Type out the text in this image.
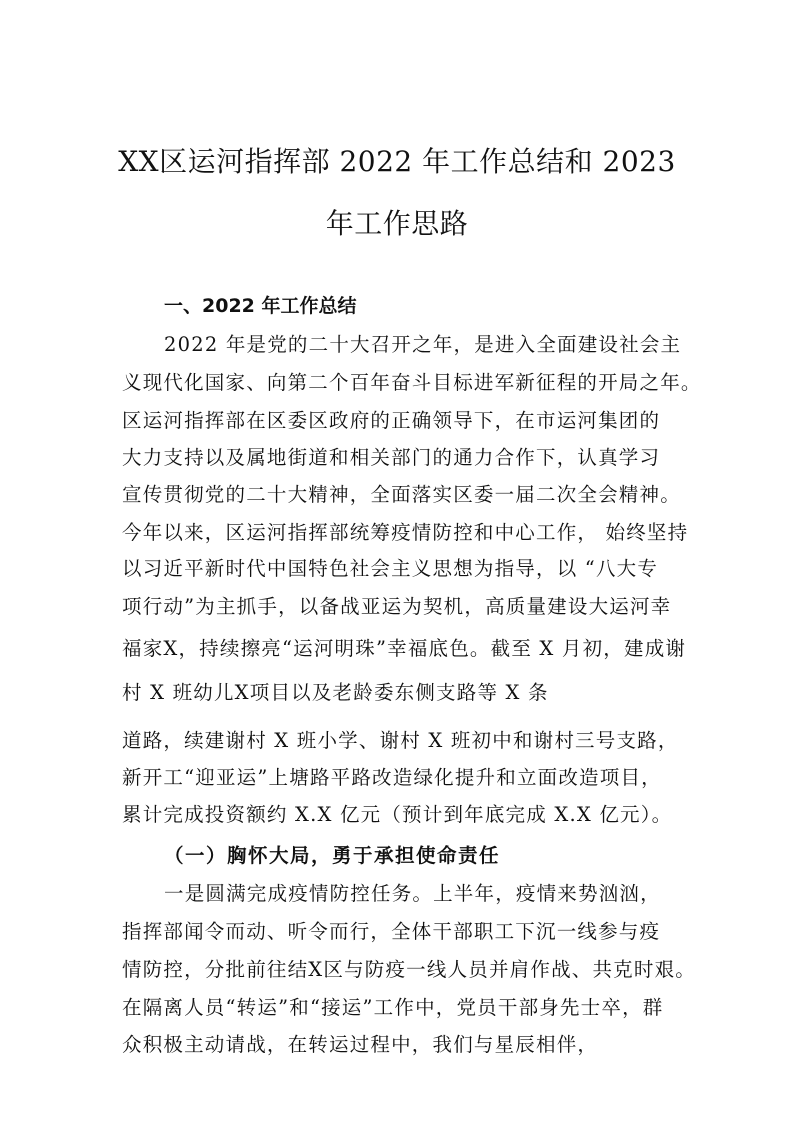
XX区运河指挥部 2022 年工作总结和 2023
年工作思路
一、2022 年工作总结
2022 年是党的二十大召开之年，是进入全面建设社会主
义现代化国家、向第二个百年奋斗目标进军新征程的开局之年。
区运河指挥部在区委区政府的正确领导下，在市运河集团的
大力支持以及属地街道和相关部门的通力合作下，认真学习
宣传贯彻党的二十大精神，全面落实区委一届二次全会精神。
今年以来，区运河指挥部统筹疫情防控和中心工作， 始终坚持
以习近平新时代中国特色社会主义思想为指导，以 “八大专
项行动”为主抓手，以备战亚运为契机，高质量建设大运河幸
福家X，持续擦亮“运河明珠”幸福底色。截至 X 月初，建成谢
村 X 班幼儿X项目以及老龄委东侧支路等 X 条
道路，续建谢村 X 班小学、谢村 X 班初中和谢村三号支路，
新开工“迎亚运”上塘路平路改造绿化提升和立面改造项目，
累计完成投资额约 X.X 亿元（预计到年底完成 X.X 亿元）。
（一）胸怀大局，勇于承担使命责任
一是圆满完成疫情防控任务。上半年，疫情来势汹汹，
指挥部闻令而动、听令而行，全体干部职工下沉一线参与疫
情防控，分批前往结X区与防疫一线人员并肩作战、共克时艰。
在隔离人员“转运”和“接运”工作中，党员干部身先士卒，群
众积极主动请战，在转运过程中，我们与星辰相伴，
